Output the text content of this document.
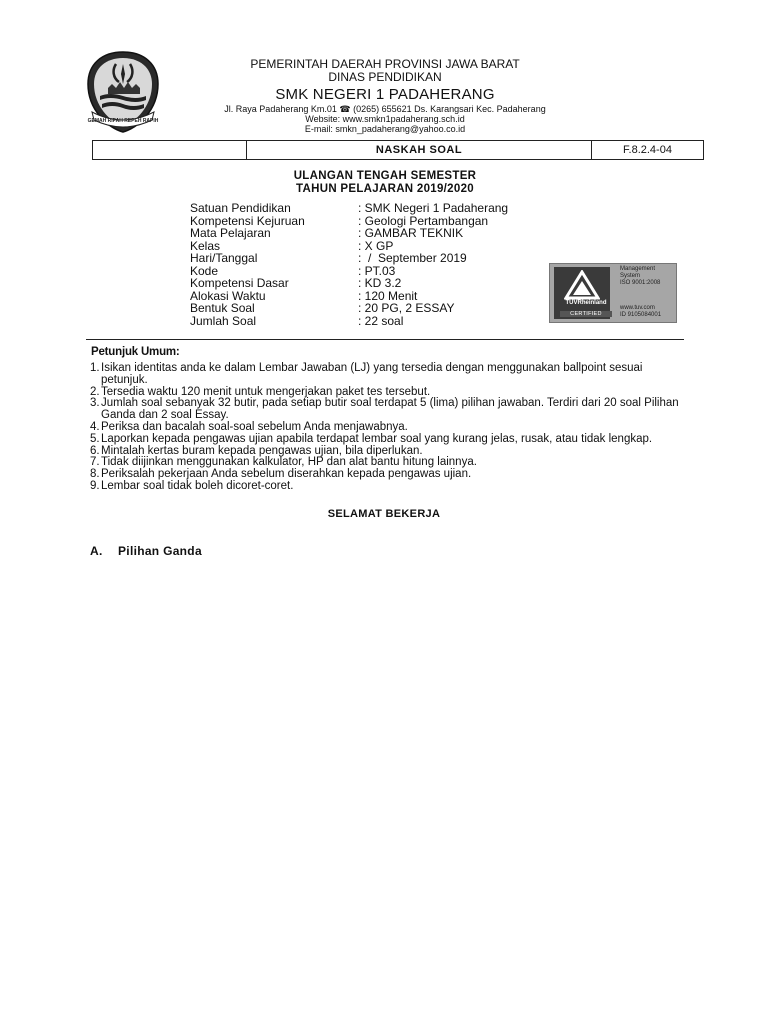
GEMAH RIPAH REPEH RAPIH
PEMERINTAH DAERAH PROVINSI JAWA BARAT
DINAS PENDIDIKAN
SMK NEGERI 1 PADAHERANG
Jl. Raya Padaherang Km.01 ☎ (0265) 655621 Ds. Karangsari Kec. Padaherang
Website: www.smkn1padaherang.sch.id
E-mail: smkn_padaherang@yahoo.co.id
NASKAH SOAL	F.8.2.4-04
ULANGAN TENGAH SEMESTER
TAHUN PELAJARAN 2019/2020
Satuan Pendidikan	: SMK Negeri 1 Padaherang
Kompetensi Kejuruan	: Geologi Pertambangan
Mata Pelajaran	: GAMBAR TEKNIK
Kelas	: X GP
Hari/Tanggal	:  /  September 2019
Kode	: PT.03
Kompetensi Dasar	: KD 3.2
Alokasi Waktu	: 120 Menit
Bentuk Soal	: 20 PG, 2 ESSAY
Jumlah Soal	: 22 soal
TÜVRheinland
CERTIFIED
Management
System
ISO 9001:2008
www.tuv.com
ID 9105084001
Petunjuk Umum:
1. Isikan identitas anda ke dalam Lembar Jawaban (LJ) yang tersedia dengan menggunakan ballpoint sesuai petunjuk.
2. Tersedia waktu 120 menit untuk mengerjakan paket tes tersebut.
3. Jumlah soal sebanyak 32 butir, pada setiap butir soal terdapat 5 (lima) pilihan jawaban. Terdiri dari 20 soal Pilihan Ganda dan 2 soal Essay.
4. Periksa dan bacalah soal-soal sebelum Anda menjawabnya.
5. Laporkan kepada pengawas ujian apabila terdapat lembar soal yang kurang jelas, rusak, atau tidak lengkap.
6. Mintalah kertas buram kepada pengawas ujian, bila diperlukan.
7. Tidak diijinkan menggunakan kalkulator, HP dan alat bantu hitung lainnya.
8. Periksalah pekerjaan Anda sebelum diserahkan kepada pengawas ujian.
9. Lembar soal tidak boleh dicoret-coret.
SELAMAT BEKERJA
A.	Pilihan Ganda
